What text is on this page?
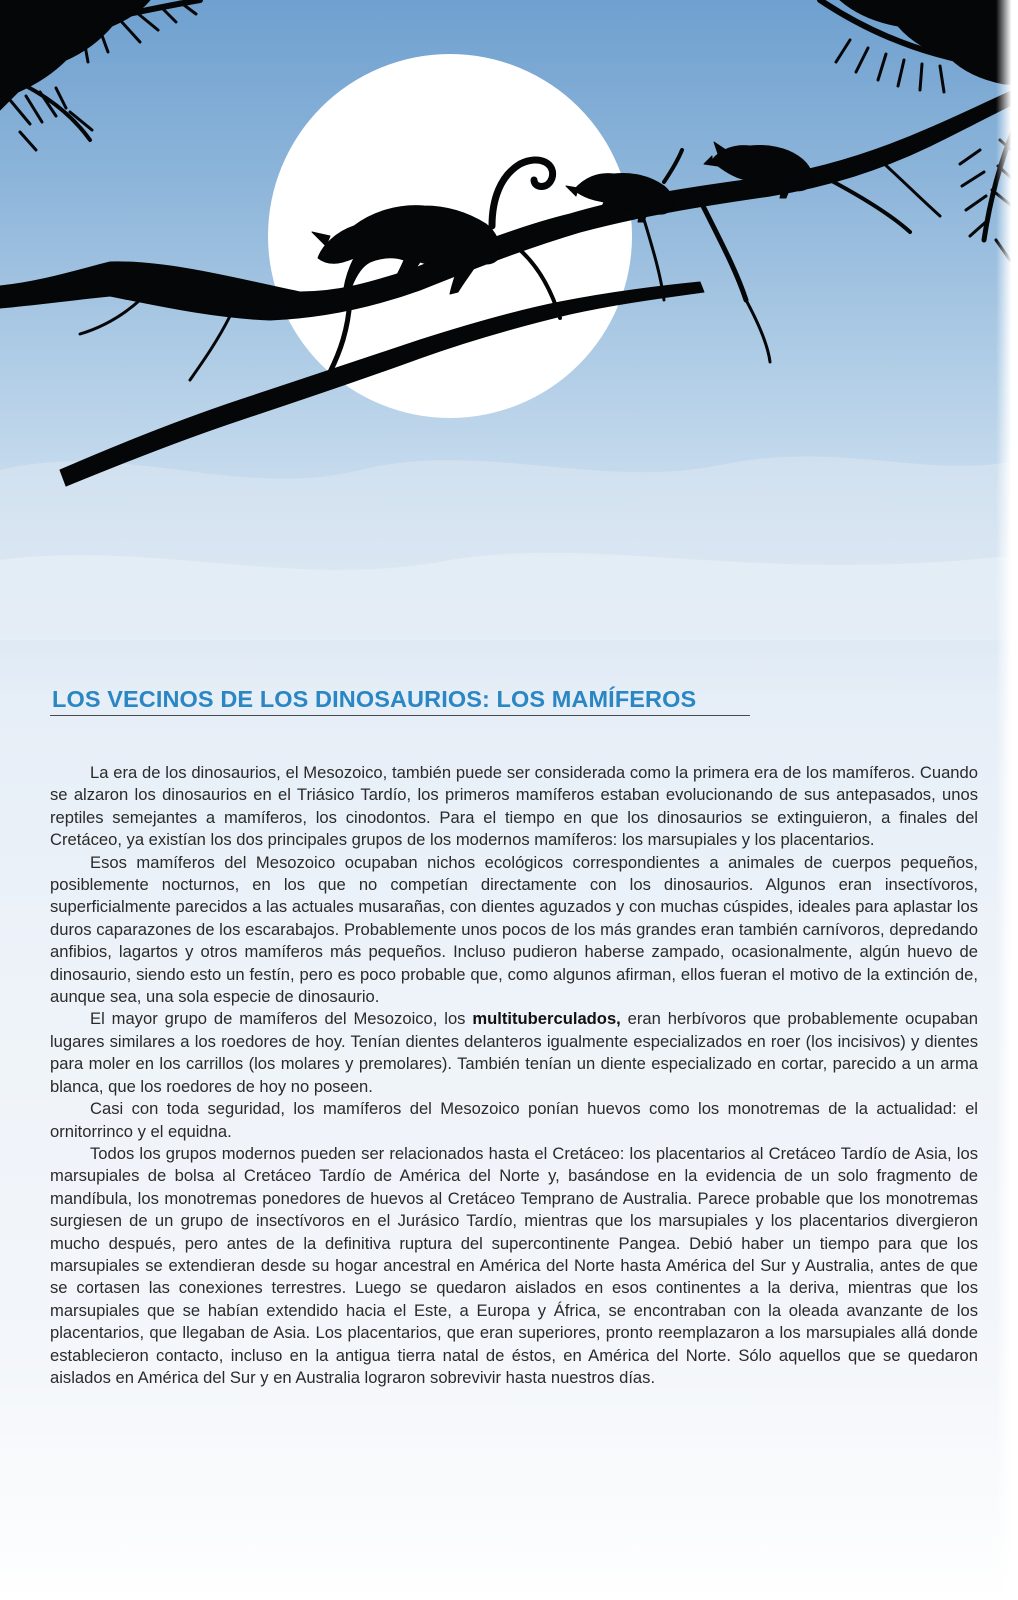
LOS VECINOS DE LOS DINOSAURIOS: LOS MAMÍFEROS

La era de los dinosaurios, el Mesozoico, también puede ser considerada como la primera era de los mamíferos. Cuando se alzaron los dinosaurios en el Triásico Tardío, los primeros mamíferos estaban evolucionando de sus antepasados, unos reptiles semejantes a mamíferos, los cinodontos. Para el tiempo en que los dinosaurios se extinguieron, a finales del Cretáceo, ya existían los dos principales grupos de los modernos mamíferos: los marsupiales y los placentarios.

Esos mamíferos del Mesozoico ocupaban nichos ecológicos correspondientes a animales de cuerpos pequeños, posiblemente nocturnos, en los que no competían directamente con los dinosaurios. Algunos eran insectívoros, superficialmente parecidos a las actuales musarañas, con dientes aguzados y con muchas cúspides, ideales para aplastar los duros caparazones de los escarabajos. Probablemente unos pocos de los más grandes eran también carnívoros, depredando anfibios, lagartos y otros mamíferos más pequeños. Incluso pudieron haberse zampado, ocasionalmente, algún huevo de dinosaurio, siendo esto un festín, pero es poco probable que, como algunos afirman, ellos fueran el motivo de la extinción de, aunque sea, una sola especie de dinosaurio.

El mayor grupo de mamíferos del Mesozoico, los multituberculados, eran herbívoros que probablemente ocupaban lugares similares a los roedores de hoy. Tenían dientes delanteros igualmente especializados en roer (los incisivos) y dientes para moler en los carrillos (los molares y premolares). También tenían un diente especializado en cortar, parecido a un arma blanca, que los roedores de hoy no poseen.

Casi con toda seguridad, los mamíferos del Mesozoico ponían huevos como los monotremas de la actualidad: el ornitorrinco y el equidna.

Todos los grupos modernos pueden ser relacionados hasta el Cretáceo: los placentarios al Cretáceo Tardío de Asia, los marsupiales de bolsa al Cretáceo Tardío de América del Norte y, basándose en la evidencia de un solo fragmento de mandíbula, los monotremas ponedores de huevos al Cretáceo Temprano de Australia. Parece probable que los monotremas surgiesen de un grupo de insectívoros en el Jurásico Tardío, mientras que los marsupiales y los placentarios divergieron mucho después, pero antes de la definitiva ruptura del supercontinente Pangea. Debió haber un tiempo para que los marsupiales se extendieran desde su hogar ancestral en América del Norte hasta América del Sur y Australia, antes de que se cortasen las conexiones terrestres. Luego se quedaron aislados en esos continentes a la deriva, mientras que los marsupiales que se habían extendido hacia el Este, a Europa y África, se encontraban con la oleada avanzante de los placentarios, que llegaban de Asia. Los placentarios, que eran superiores, pronto reemplazaron a los marsupiales allá donde establecieron contacto, incluso en la antigua tierra natal de éstos, en América del Norte. Sólo aquellos que se quedaron aislados en América del Sur y en Australia lograron sobrevivir hasta nuestros días.
